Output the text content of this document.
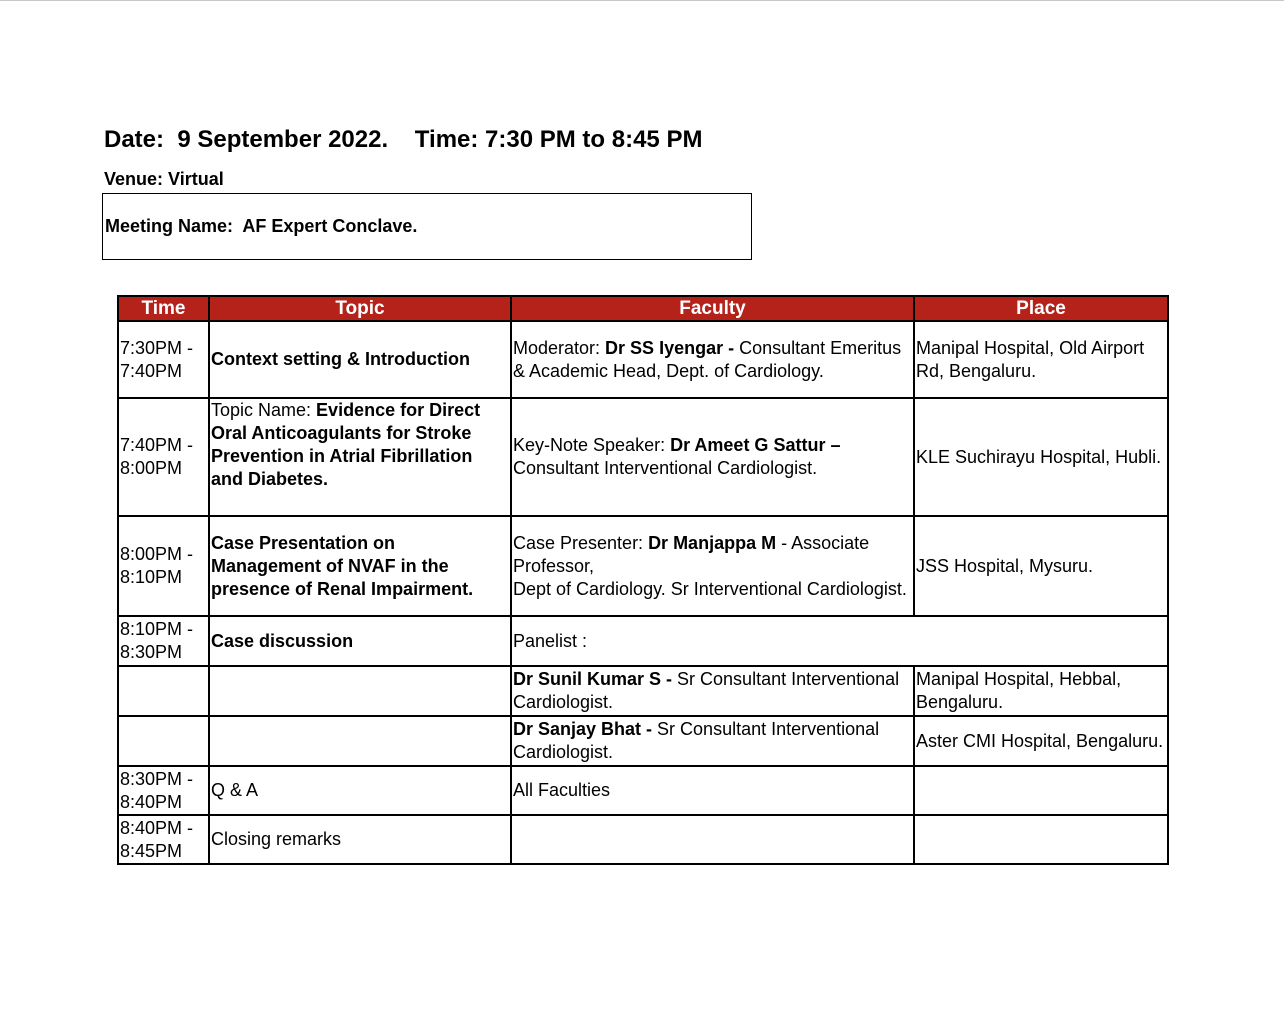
Date:  9 September 2022.    Time: 7:30 PM to 8:45 PM
Venue: Virtual
Meeting Name:  AF Expert Conclave.
Time	Topic	Faculty	Place
7:30PM - 7:40PM	Context setting & Introduction	Moderator: Dr SS Iyengar - Consultant Emeritus & Academic Head, Dept. of Cardiology.	Manipal Hospital, Old Airport Rd, Bengaluru.
7:40PM - 8:00PM	Topic Name: Evidence for Direct Oral Anticoagulants for Stroke Prevention in Atrial Fibrillation and Diabetes.	Key-Note Speaker: Dr Ameet G Sattur – Consultant Interventional Cardiologist.	KLE Suchirayu Hospital, Hubli.
8:00PM - 8:10PM	Case Presentation on Management of NVAF in the presence of Renal Impairment.	Case Presenter: Dr Manjappa M - Associate Professor,
Dept of Cardiology. Sr Interventional Cardiologist.	JSS Hospital, Mysuru.
8:10PM - 8:30PM	Case discussion	Panelist :	
		Dr Sunil Kumar S - Sr Consultant Interventional Cardiologist.	Manipal Hospital, Hebbal, Bengaluru.
		Dr Sanjay Bhat - Sr Consultant Interventional Cardiologist.	Aster CMI Hospital, Bengaluru.
8:30PM - 8:40PM	Q & A	All Faculties	
8:40PM - 8:45PM	Closing remarks		
